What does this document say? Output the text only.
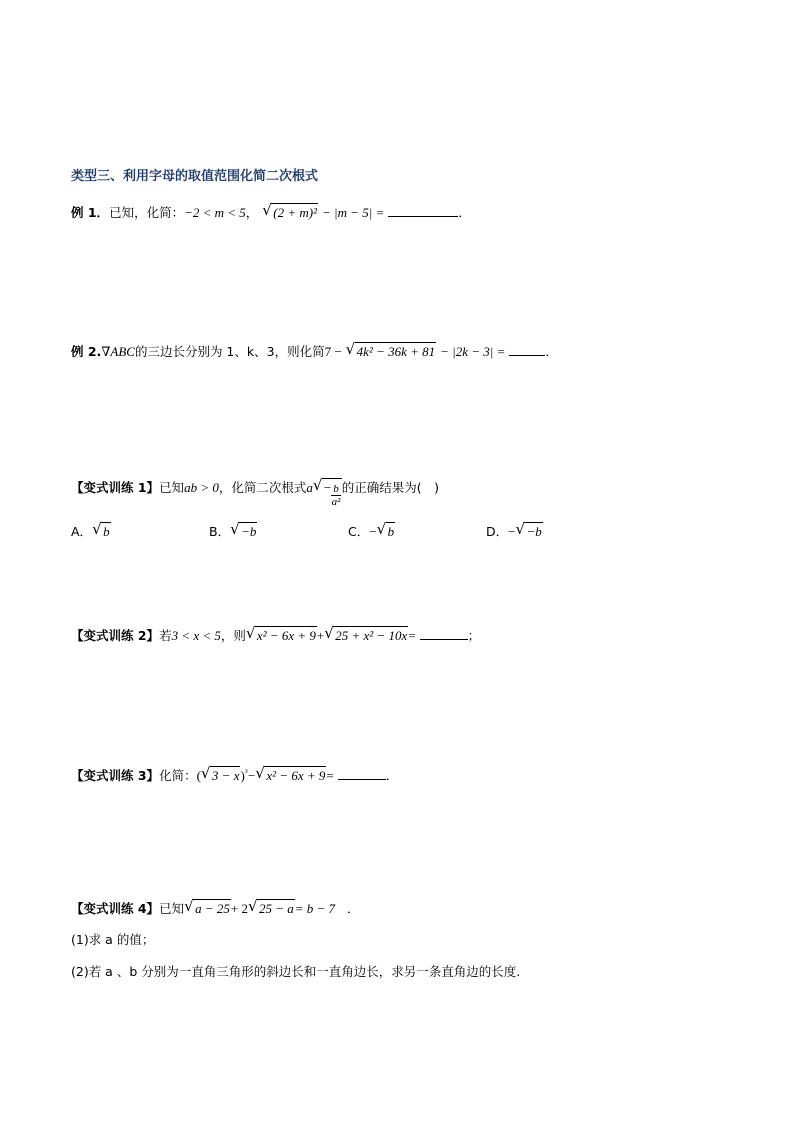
类型三、利用字母的取值范围化简二次根式
例 1．已知，化简：−2 < m < 5， √ (2 + m)² − |m − 5| =	．
例 2.∇ABC的三边长分别为 1、k、3，则化简7 − √ 4k² − 36k + 81 − |2k − 3| =	．
【变式训练 1】已知ab > 0，化简二次根式$a√ - \frac{b}{\text{a²}}$ 的正确结果为(　)
A．√ b	B．√ −b	C．−√ b	D．−√ −b
【变式训练 2】若3 < x < 5，则√ x² − 6x + 9+√ 25 + x² − 10x=	；
【变式训练 3】化简：(√ 3 − x)$^{^2}$−√ x² − 6x + 9=	．
【变式训练 4】已知√ a − 25+ 2√ 25 − a= b − 7 ．
(1)求 a 的值；
(2)若 a 、b 分别为一直角三角形的斜边长和一直角边长，求另一条直角边的长度.
